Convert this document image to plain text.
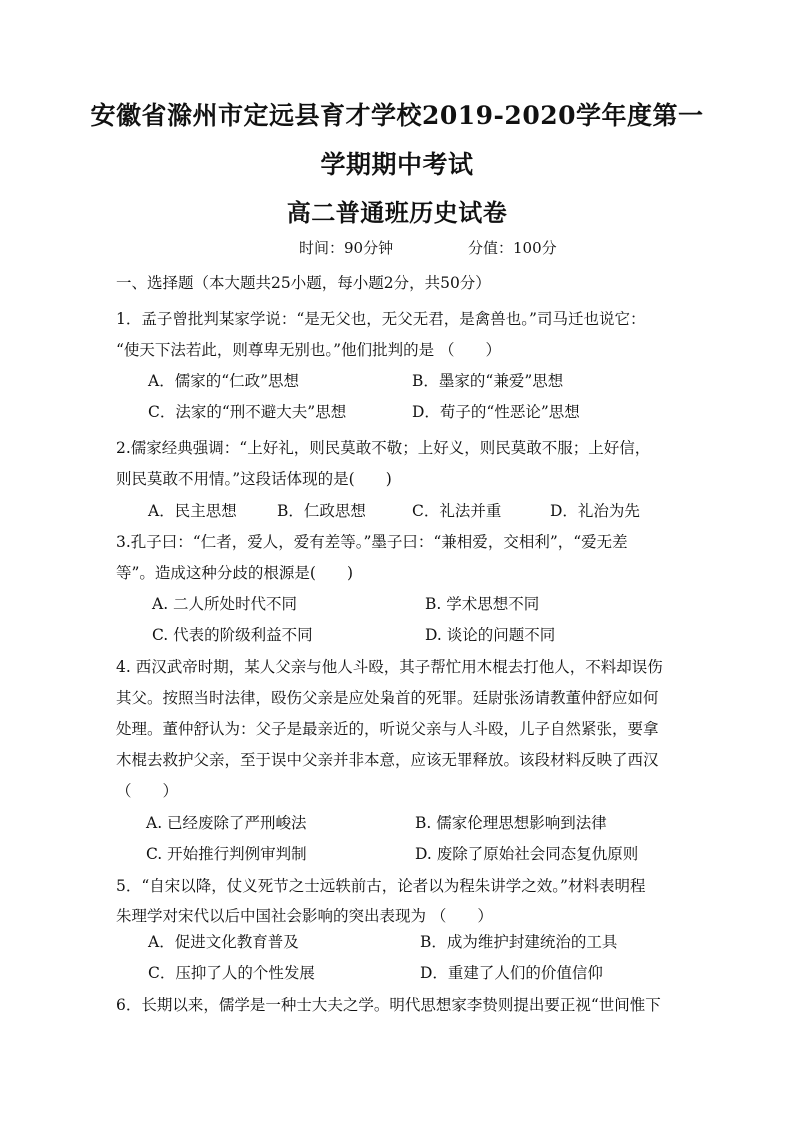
安徽省滁州市定远县育才学校2019-2020学年度第一
学期期中考试
高二普通班历史试卷
时间：90分钟	分值：100分
一、选择题（本大题共25小题，每小题2分，共50分）
1．孟子曾批判某家学说：“是无父也，无父无君，是禽兽也。”司马迁也说它：
“使天下法若此，则尊卑无别也。”他们批判的是 （　　）
A．儒家的“仁政”思想	B．墨家的“兼爱”思想
C．法家的“刑不避大夫”思想	D．荀子的“性恶论”思想
2.儒家经典强调：“上好礼，则民莫敢不敬；上好义，则民莫敢不服；上好信，
则民莫敢不用情。”这段话体现的是(　　)
A．民主思想	B．仁政思想	C．礼法并重	D．礼治为先
3.孔子曰：“仁者，爱人，爱有差等。”墨子曰：“兼相爱，交相利”，“爱无差
等”。造成这种分歧的根源是(　　)
A. 二人所处时代不同	B. 学术思想不同
C. 代表的阶级利益不同	D. 谈论的问题不同
4. 西汉武帝时期，某人父亲与他人斗殴，其子帮忙用木棍去打他人，不料却误伤
其父。按照当时法律，殴伤父亲是应处枭首的死罪。廷尉张汤请教董仲舒应如何
处理。董仲舒认为：父子是最亲近的，听说父亲与人斗殴，儿子自然紧张，要拿
木棍去救护父亲，至于误中父亲并非本意，应该无罪释放。该段材料反映了西汉
（　　）
A. 已经废除了严刑峻法	B. 儒家伦理思想影响到法律
C. 开始推行判例审判制	D. 废除了原始社会同态复仇原则
5．“自宋以降，仗义死节之士远轶前古，论者以为程朱讲学之效。”材料表明程
朱理学对宋代以后中国社会影响的突出表现为 （　　）
A．促进文化教育普及	B．成为维护封建统治的工具
C．压抑了人的个性发展	D．重建了人们的价值信仰
6．长期以来，儒学是一种士大夫之学。明代思想家李贽则提出要正视“世间惟下
